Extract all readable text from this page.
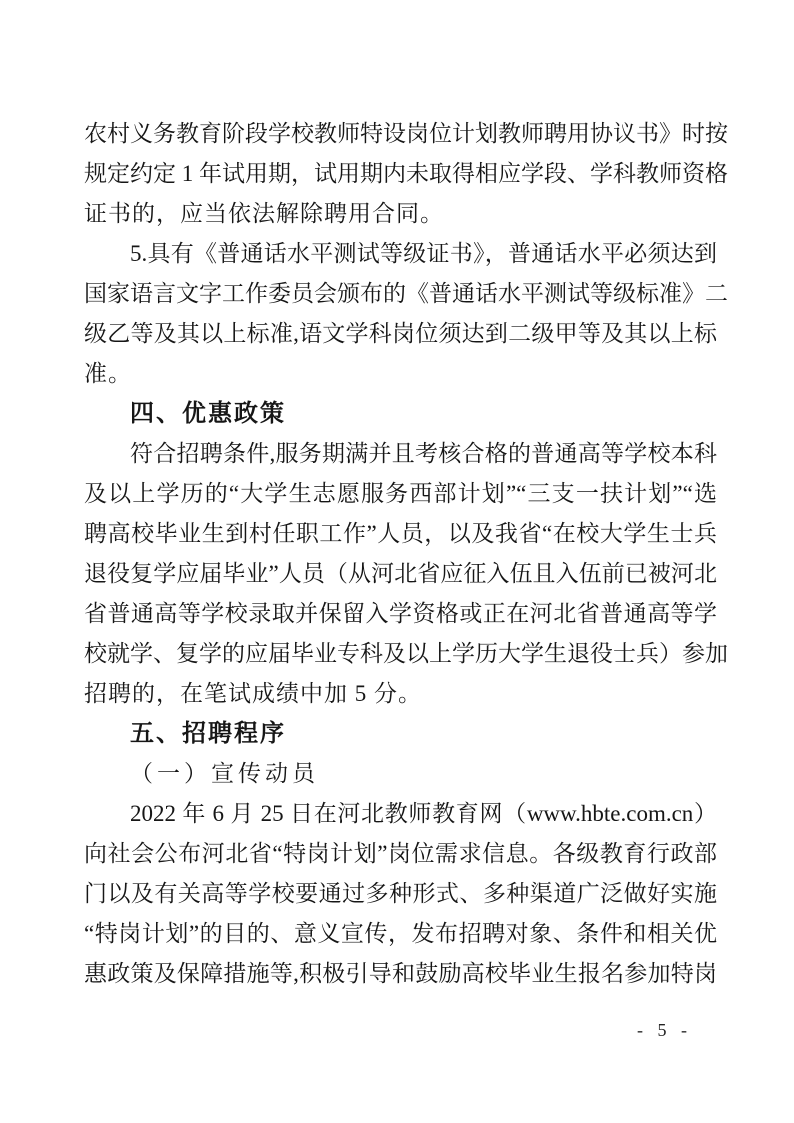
农村义务教育阶段学校教师特设岗位计划教师聘用协议书》时按
规定约定 1 年试用期，试用期内未取得相应学段、学科教师资格
证书的，应当依法解除聘用合同。
5.具有《普通话水平测试等级证书》，普通话水平必须达到
国家语言文字工作委员会颁布的《普通话水平测试等级标准》二
级乙等及其以上标准,语文学科岗位须达到二级甲等及其以上标
准。
四、优惠政策
符合招聘条件,服务期满并且考核合格的普通高等学校本科
及以上学历的“大学生志愿服务西部计划”“三支一扶计划”“选
聘高校毕业生到村任职工作”人员，以及我省“在校大学生士兵
退役复学应届毕业”人员（从河北省应征入伍且入伍前已被河北
省普通高等学校录取并保留入学资格或正在河北省普通高等学
校就学、复学的应届毕业专科及以上学历大学生退役士兵）参加
招聘的，在笔试成绩中加 5 分。
五、招聘程序
（一）宣传动员
2022 年 6 月 25 日在河北教师教育网（www.hbte.com.cn）
向社会公布河北省“特岗计划”岗位需求信息。各级教育行政部
门以及有关高等学校要通过多种形式、多种渠道广泛做好实施
“特岗计划”的目的、意义宣传，发布招聘对象、条件和相关优
惠政策及保障措施等,积极引导和鼓励高校毕业生报名参加特岗
- 5 -
